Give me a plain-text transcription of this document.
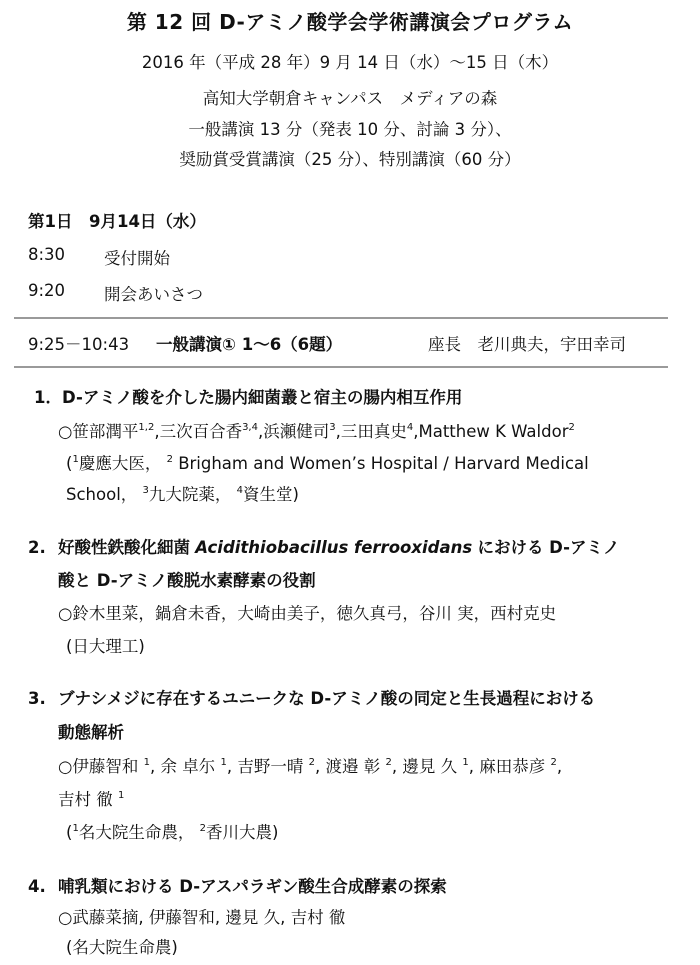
第 12 回 D-アミノ酸学会学術講演会プログラム
2016 年（平成 28 年）9 月 14 日（水）～15 日（木）
高知大学朝倉キャンパス　メディアの森
一般講演 13 分（発表 10 分、討論 3 分）、
奨励賞受賞講演（25 分）、特別講演（60 分）
第1日　9月14日（水）
8:30 受付開始
9:20 開会あいさつ
9:25－10:43 一般講演① 1～6（6題）	座長　老川典夫，宇田幸司
1． D-アミノ酸を介した腸内細菌叢と宿主の腸内相互作用
○笹部潤平$^{1,2}$,三次百合香$^{3,4}$,浜瀬健司$^3$,三田真史$^4$,Matthew K Waldor$^2$
($^1$慶應大医， $^2$ Brigham and Women’s Hospital / Harvard Medical
School， $^3$九大院薬， $^4$資生堂)
2. 好酸性鉄酸化細菌 Acidithiobacillus ferrooxidans における D-アミノ
酸と D-アミノ酸脱水素酵素の役割
○鈴木里菜，鍋倉未香，大崎由美子，徳久真弓，谷川 実，西村克史
(日大理工)
3. ブナシメジに存在するユニークな D-アミノ酸の同定と生長過程における
動態解析
○伊藤智和 $^1$, 余 卓尓 $^1$, 吉野一晴 $^2$, 渡邉 彰 $^2$, 邊見 久 $^1$, 麻田恭彦 $^2$,
吉村 徹 $^1$
($^1$名大院生命農， $^2$香川大農)
4. 哺乳類における D-アスパラギン酸生合成酵素の探索
○武藤菜摘, 伊藤智和, 邊見 久, 吉村 徹
(名大院生命農)
